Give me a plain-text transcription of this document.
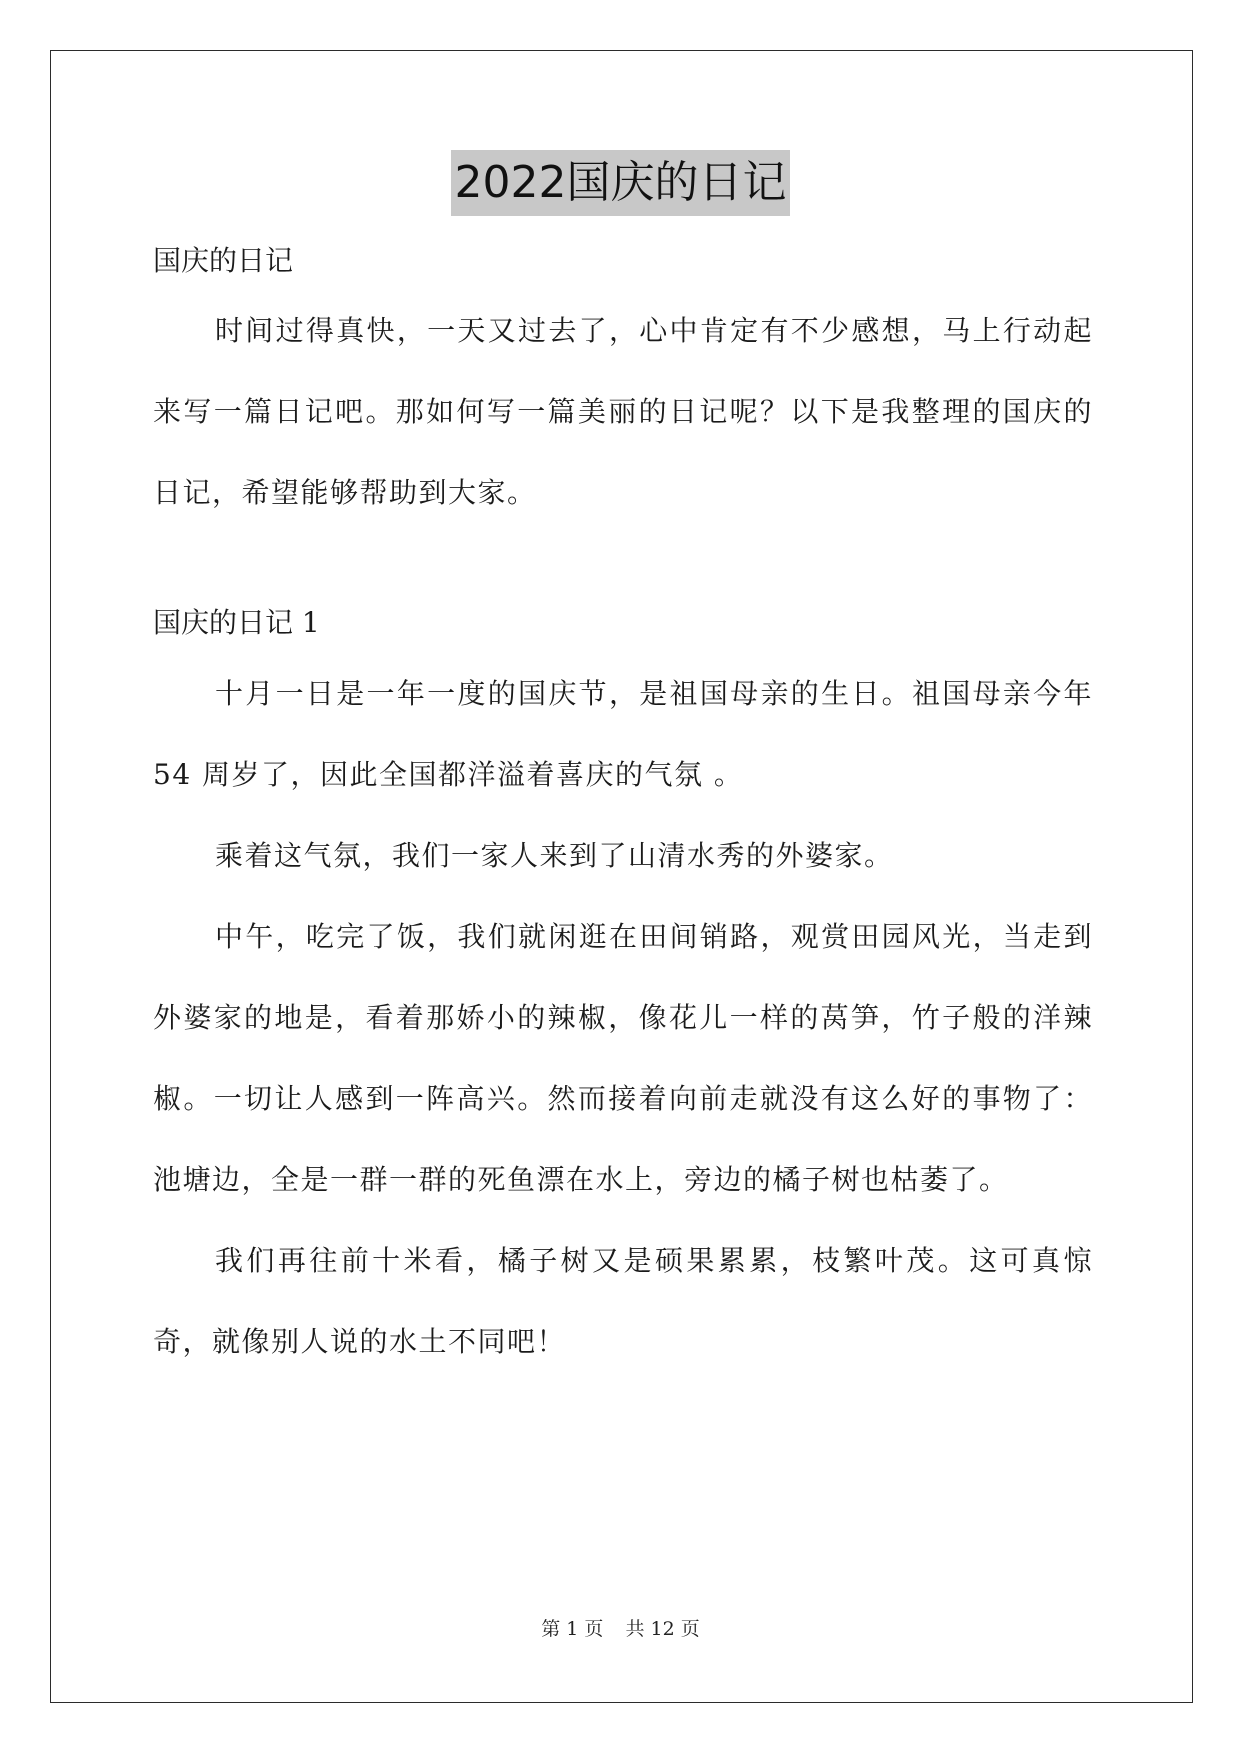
2022国庆的日记
国庆的日记

时间过得真快，一天又过去了，心中肯定有不少感想，马上行动起来写一篇日记吧。那如何写一篇美丽的日记呢？以下是我整理的国庆的日记，希望能够帮助到大家。

国庆的日记 1

十月一日是一年一度的国庆节，是祖国母亲的生日。祖国母亲今年 54 周岁了，因此全国都洋溢着喜庆的气氛 。

乘着这气氛，我们一家人来到了山清水秀的外婆家。

中午，吃完了饭，我们就闲逛在田间销路，观赏田园风光，当走到外婆家的地是，看着那娇小的辣椒，像花儿一样的莴笋，竹子般的洋辣椒。一切让人感到一阵高兴。然而接着向前走就没有这么好的事物了：池塘边，全是一群一群的死鱼漂在水上，旁边的橘子树也枯萎了。

我们再往前十米看，橘子树又是硕果累累，枝繁叶茂。这可真惊奇，就像别人说的水土不同吧！

第 1 页 共 12 页
